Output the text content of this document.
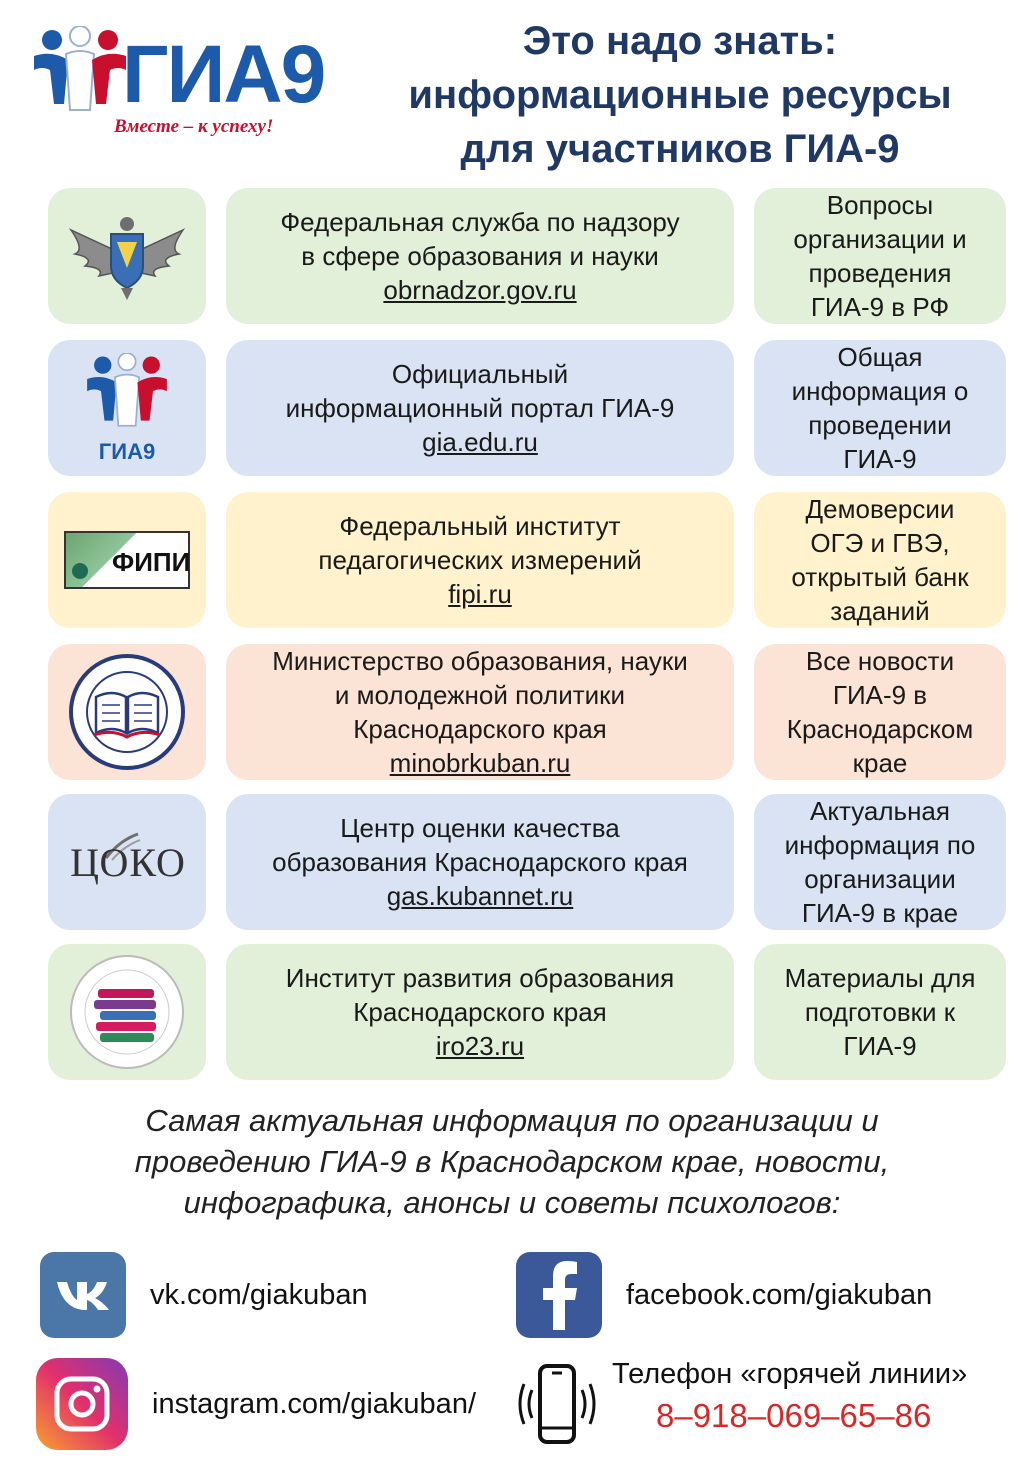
ГИА9
Вместе – к успеху!
Это надо знать:
информационные ресурсы
для участников ГИА-9
Федеральная служба по надзору
в сфере образования и науки
obrnadzor.gov.ru
Вопросы
организации и
проведения
ГИА-9 в РФ
ГИА9
Официальный
информационный портал ГИА-9
gia.edu.ru
Общая
информация о
проведении
ГИА-9
ФИПИ
Федеральный институт
педагогических измерений
fipi.ru
Демоверсии
ОГЭ и ГВЭ,
открытый банк
заданий
Министерство образования, науки
и молодежной политики
Краснодарского края
minobrkuban.ru
Все новости
ГИА-9 в
Краснодарском
крае
ЦОКО
Центр оценки качества
образования Краснодарского края
gas.kubannet.ru
Актуальная
информация по
организации
ГИА-9 в крае
Институт развития образования
Краснодарского края
iro23.ru
Материалы для
подготовки к
ГИА-9
Самая актуальная информация по организации и
проведению ГИА-9 в Краснодарском крае, новости,
инфографика, анонсы и советы психологов:
vk.com/giakuban	facebook.com/giakuban
instagram.com/giakuban/
Телефон «горячей линии»
8–918–069–65–86
